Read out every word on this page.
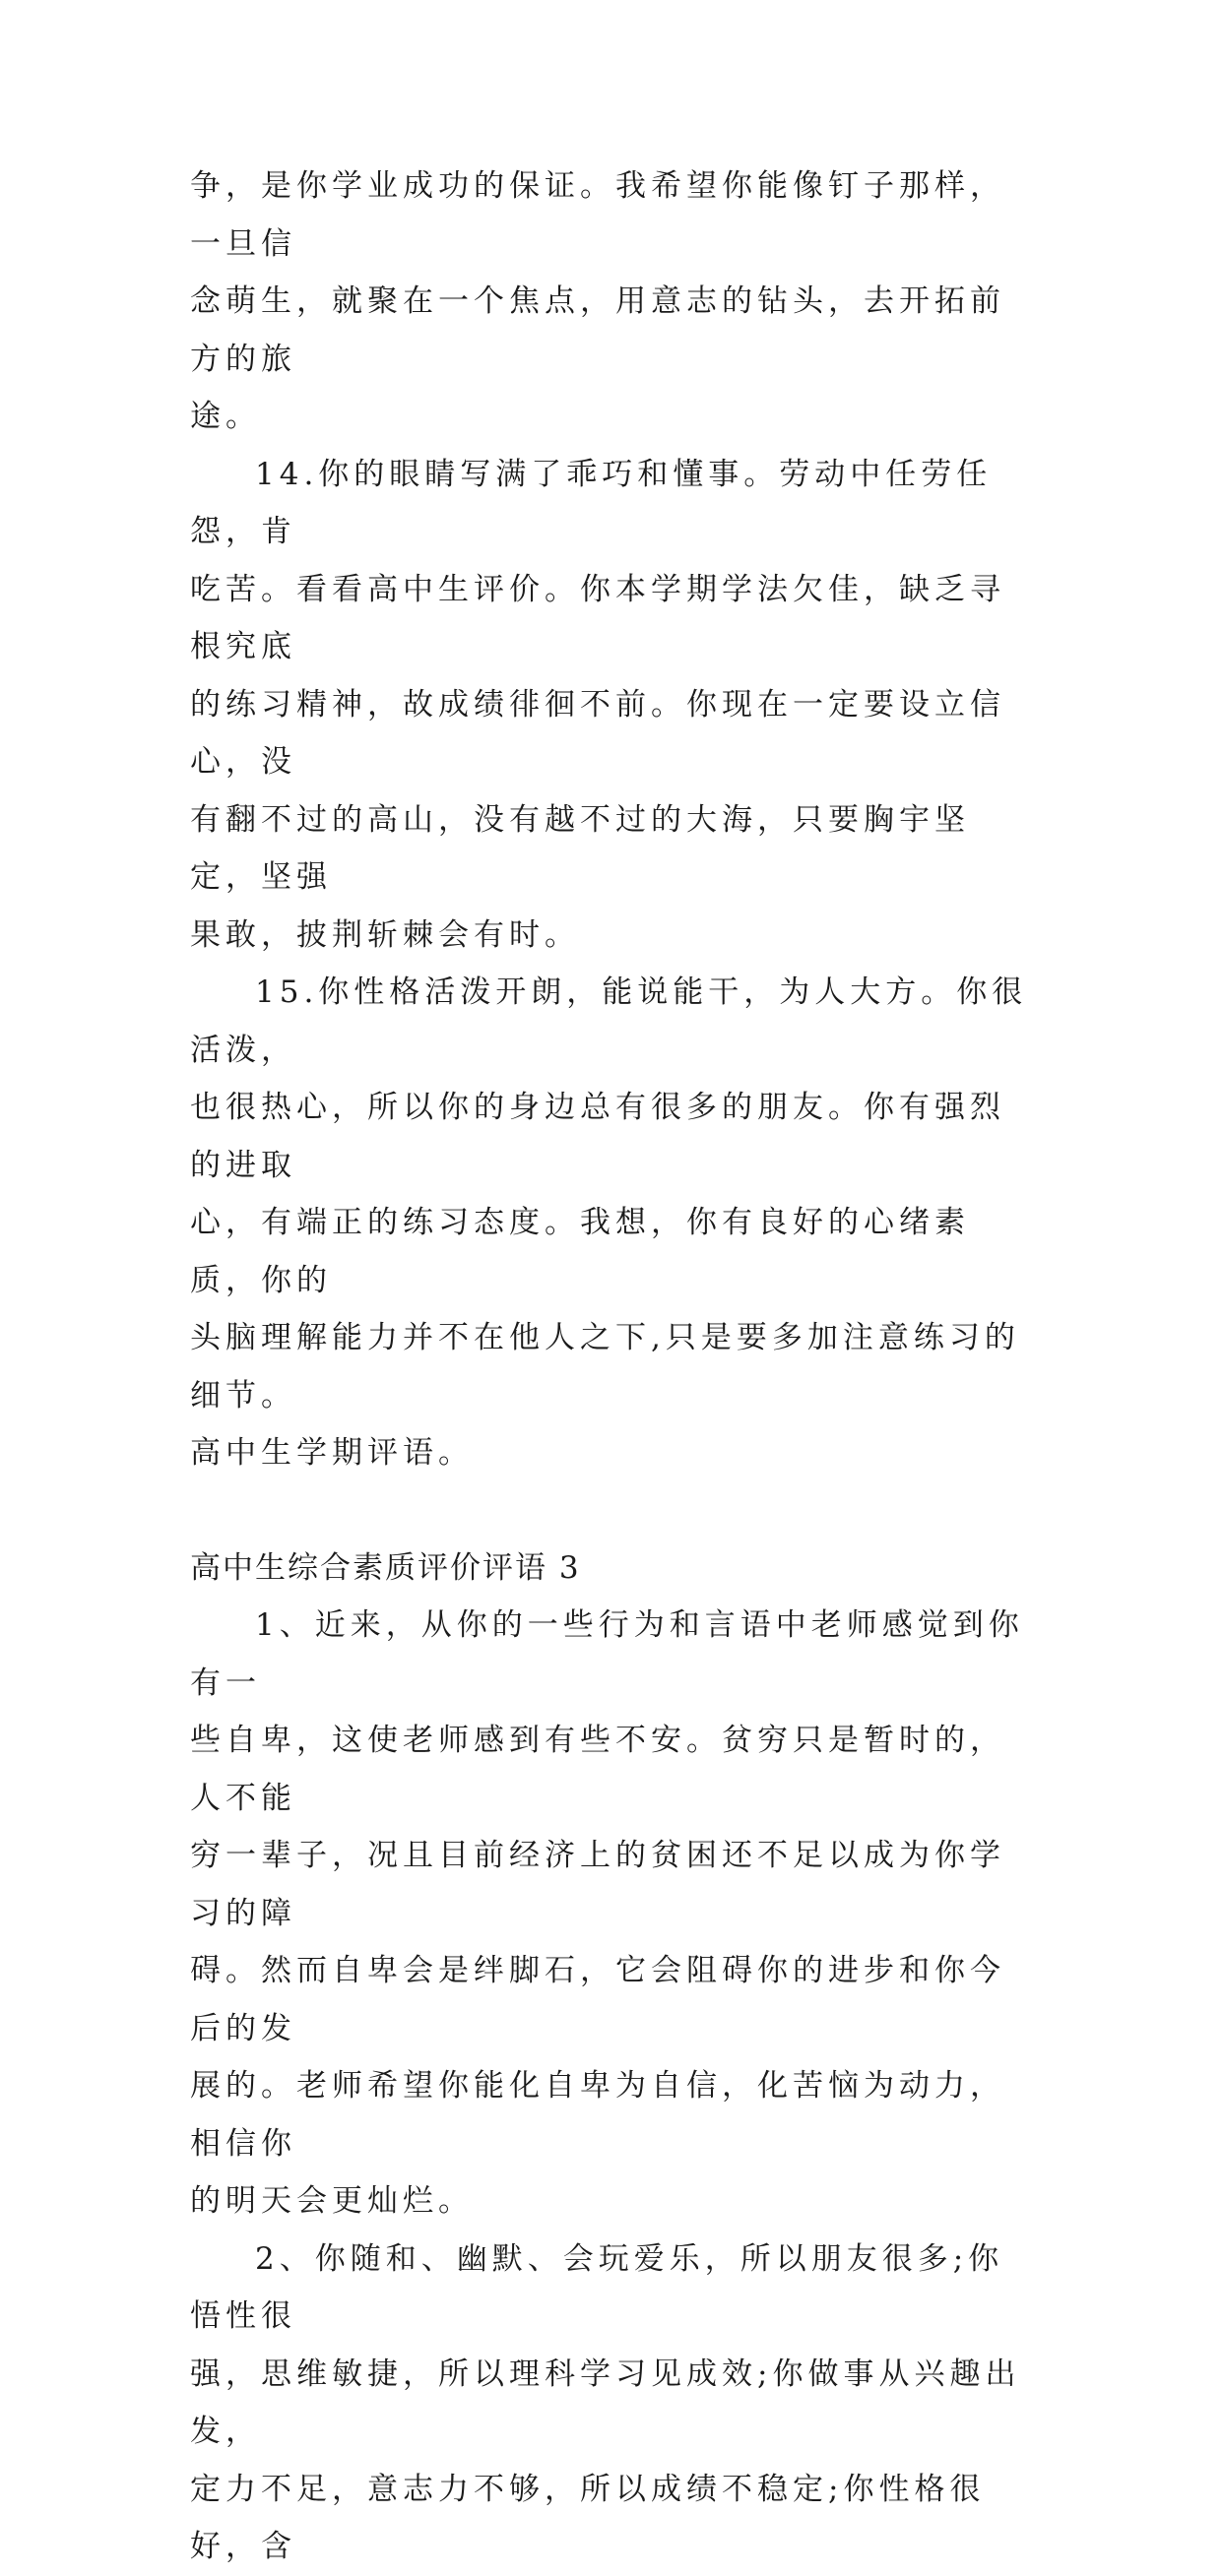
争，是你学业成功的保证。我希望你能像钉子那样，一旦信
念萌生，就聚在一个焦点，用意志的钻头，去开拓前方的旅
途。
14.你的眼睛写满了乖巧和懂事。劳动中任劳任怨，肯
吃苦。看看高中生评价。你本学期学法欠佳，缺乏寻根究底
的练习精神，故成绩徘徊不前。你现在一定要设立信心，没
有翻不过的高山，没有越不过的大海，只要胸宇坚定，坚强
果敢，披荆斩棘会有时。
15.你性格活泼开朗，能说能干，为人大方。你很活泼，
也很热心，所以你的身边总有很多的朋友。你有强烈的进取
心，有端正的练习态度。我想，你有良好的心绪素质，你的
头脑理解能力并不在他人之下,只是要多加注意练习的细节。
高中生学期评语。
高中生综合素质评价评语 3
1、近来，从你的一些行为和言语中老师感觉到你有一
些自卑，这使老师感到有些不安。贫穷只是暂时的，人不能
穷一辈子，况且目前经济上的贫困还不足以成为你学习的障
碍。然而自卑会是绊脚石，它会阻碍你的进步和你今后的发
展的。老师希望你能化自卑为自信，化苦恼为动力，相信你
的明天会更灿烂。
2、你随和、幽默、会玩爱乐，所以朋友很多;你悟性很
强，思维敏捷，所以理科学习见成效;你做事从兴趣出发，
定力不足，意志力不够，所以成绩不稳定;你性格很好，含
